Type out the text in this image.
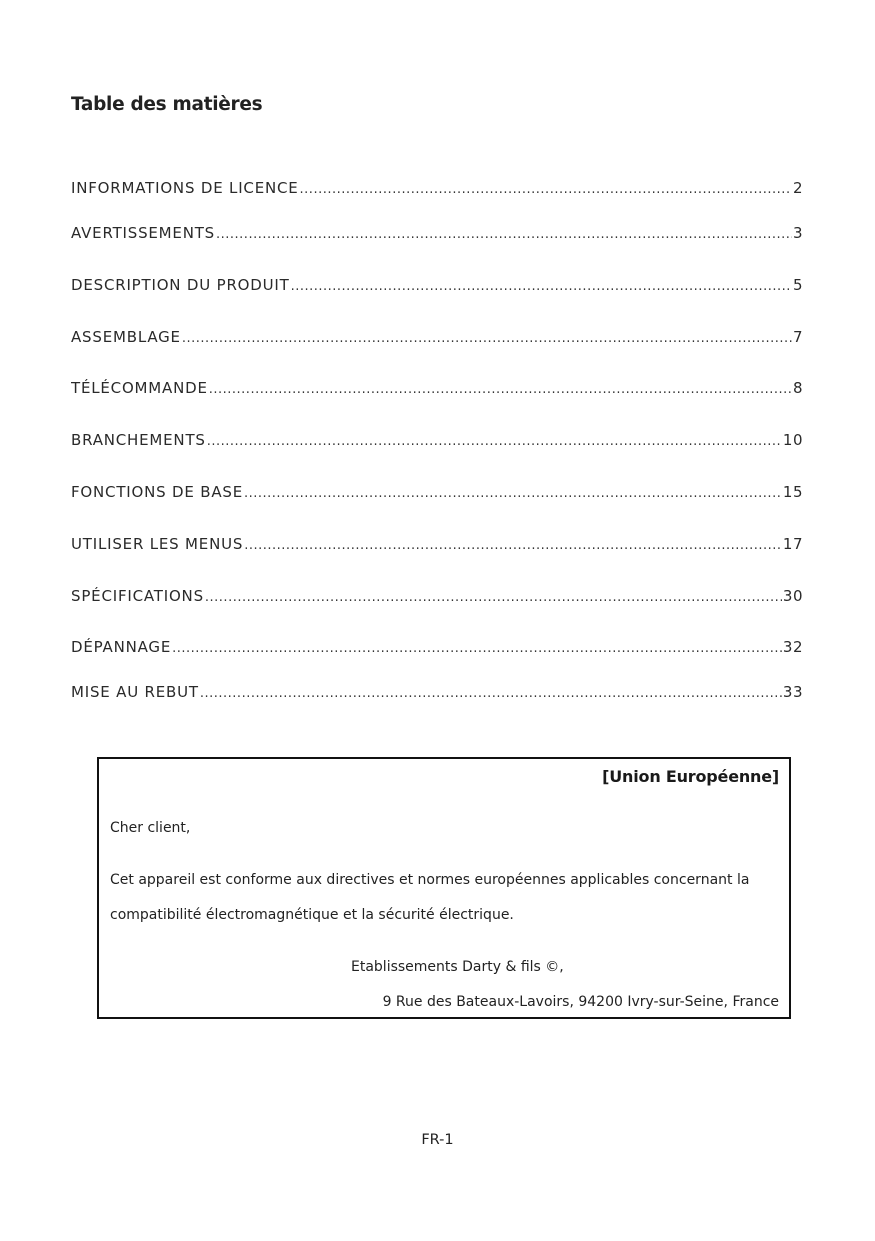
Table des matières
INFORMATIONS DE LICENCE .....	2
AVERTISSEMENTS .....	3
DESCRIPTION DU PRODUIT .....	5
ASSEMBLAGE .....	7
TÉLÉCOMMANDE .....	8
BRANCHEMENTS .....	10
FONCTIONS DE BASE .....	15
UTILISER LES MENUS .....	17
SPÉCIFICATIONS .....	30
DÉPANNAGE .....	32
MISE AU REBUT .....	33
[Union Européenne]
Cher client,
Cet appareil est conforme aux directives et normes européennes applicables concernant la
compatibilité électromagnétique et la sécurité électrique.
Etablissements Darty & fils ©,
9 Rue des Bateaux-Lavoirs, 94200 Ivry-sur-Seine, France
FR-1
